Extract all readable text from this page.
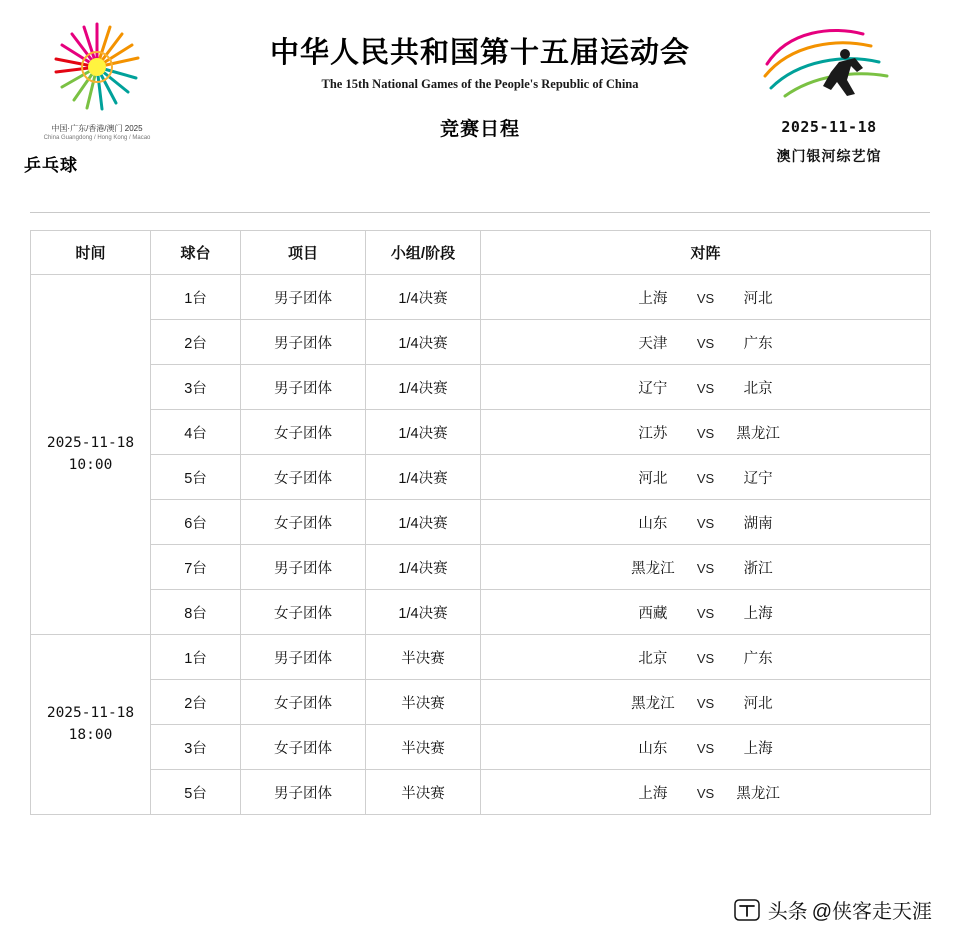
中国·广东/香港/澳门 2025
China Guangdong / Hong Kong / Macao
乒乓球
中华人民共和国第十五届运动会
The 15th National Games of the People's Republic of China
竞赛日程	2025-11-18
澳门银河综艺馆
时间	球台	项目	小组/阶段	对阵

2025-11-18
10:00	1台	男子团体	1/4决赛	上海 VS 河北
	2台	男子团体	1/4决赛	天津 VS 广东
	3台	男子团体	1/4决赛	辽宁 VS 北京
	4台	女子团体	1/4决赛	江苏 VS 黑龙江
	5台	女子团体	1/4决赛	河北 VS 辽宁
	6台	女子团体	1/4决赛	山东 VS 湖南
	7台	男子团体	1/4决赛	黑龙江 VS 浙江
	8台	女子团体	1/4决赛	西藏 VS 上海

2025-11-18
18:00	1台	男子团体	半决赛	北京 VS 广东
	2台	女子团体	半决赛	黑龙江 VS 河北
	3台	女子团体	半决赛	山东 VS 上海
	5台	男子团体	半决赛	上海 VS 黑龙江
头条 @侠客走天涯
